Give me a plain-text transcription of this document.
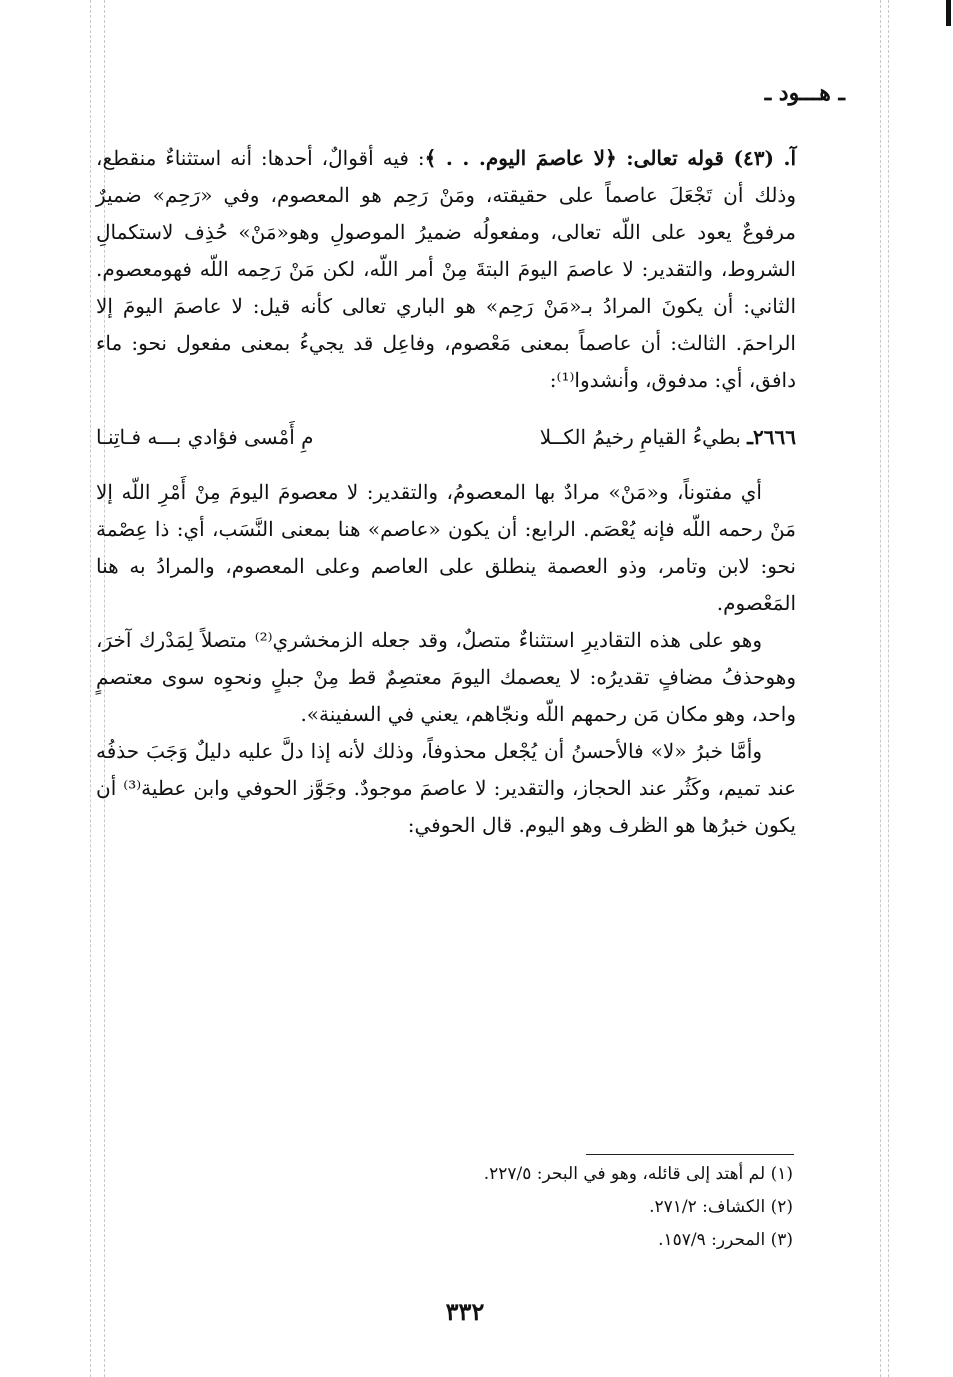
ـ هـــود ـ

آ. (٤٣) قوله تعالى: ﴿لا عاصمَ اليوم. . . ﴾: فيه أقوالٌ، أحدها: أنه استثناءٌ منقطع، وذلك أن تَجْعَلَ عاصماً على حقيقته، ومَنْ رَحِم هو المعصوم، وفي «رَحِم» ضميرٌ مرفوعٌ يعود على اللّه تعالى، ومفعولُه ضميرُ الموصولِ وهو«مَنْ» حُذِف لاستكمالِ الشروط، والتقدير: لا عاصمَ اليومَ البتةَ مِنْ أمر اللّه، لكن مَنْ رَحِمه اللّه فهومعصوم. الثاني: أن يكونَ المرادُ بـ«مَنْ رَحِم» هو الباري تعالى كأنه قيل: لا عاصمَ اليومَ إلا الراحمَ. الثالث: أن عاصماً بمعنى مَعْصوم، وفاعِل قد يجيءُ بمعنى مفعول نحو: ماء دافق، أي: مدفوق، وأنشدوا⁽¹⁾:

٢٦٦٦ـ بطيءُ القيامِ رخيمُ الكــلا
مِ أَمْسى فؤادي بـــه فـاتِنـا

أي مفتوناً، و«مَنْ» مرادٌ بها المعصومُ، والتقدير: لا معصومَ اليومَ مِنْ أَمْرِ اللّه إلا مَنْ رحمه اللّه فإنه يُعْصَم. الرابع: أن يكون «عاصم» هنا بمعنى النَّسَب، أي: ذا عِصْمة نحو: لابن وتامر، وذو العصمة ينطلق على العاصم وعلى المعصوم، والمرادُ به هنا المَعْصوم.

وهو على هذه التقاديرِ استثناءٌ متصلٌ، وقد جعله الزمخشري⁽²⁾ متصلاً لِمَدْرك آخرَ، وهوحذفُ مضافٍ تقديرُه: لا يعصمك اليومَ معتصِمٌ قط مِنْ جبلٍ ونحوِه سوى معتصمٍ واحد، وهو مكان مَن رحمهم اللّه ونجّاهم، يعني في السفينة».

وأمَّا خبرُ «لا» فالأحسنُ أن يُجْعل محذوفاً، وذلك لأنه إذا دلَّ عليه دليلٌ وَجَبَ حذفُه عند تميم، وكَثُر عند الحجاز، والتقدير: لا عاصمَ موجودٌ. وجَوَّز الحوفي وابن عطية⁽³⁾ أن يكون خبرُها هو الظرف وهو اليوم. قال الحوفي:

(١) لم أهتد إلى قائله، وهو في البحر: ٢٢٧/٥.
(٢) الكشاف: ٢٧١/٢.
(٣) المحرر: ١٥٧/٩.
٣٣٢
